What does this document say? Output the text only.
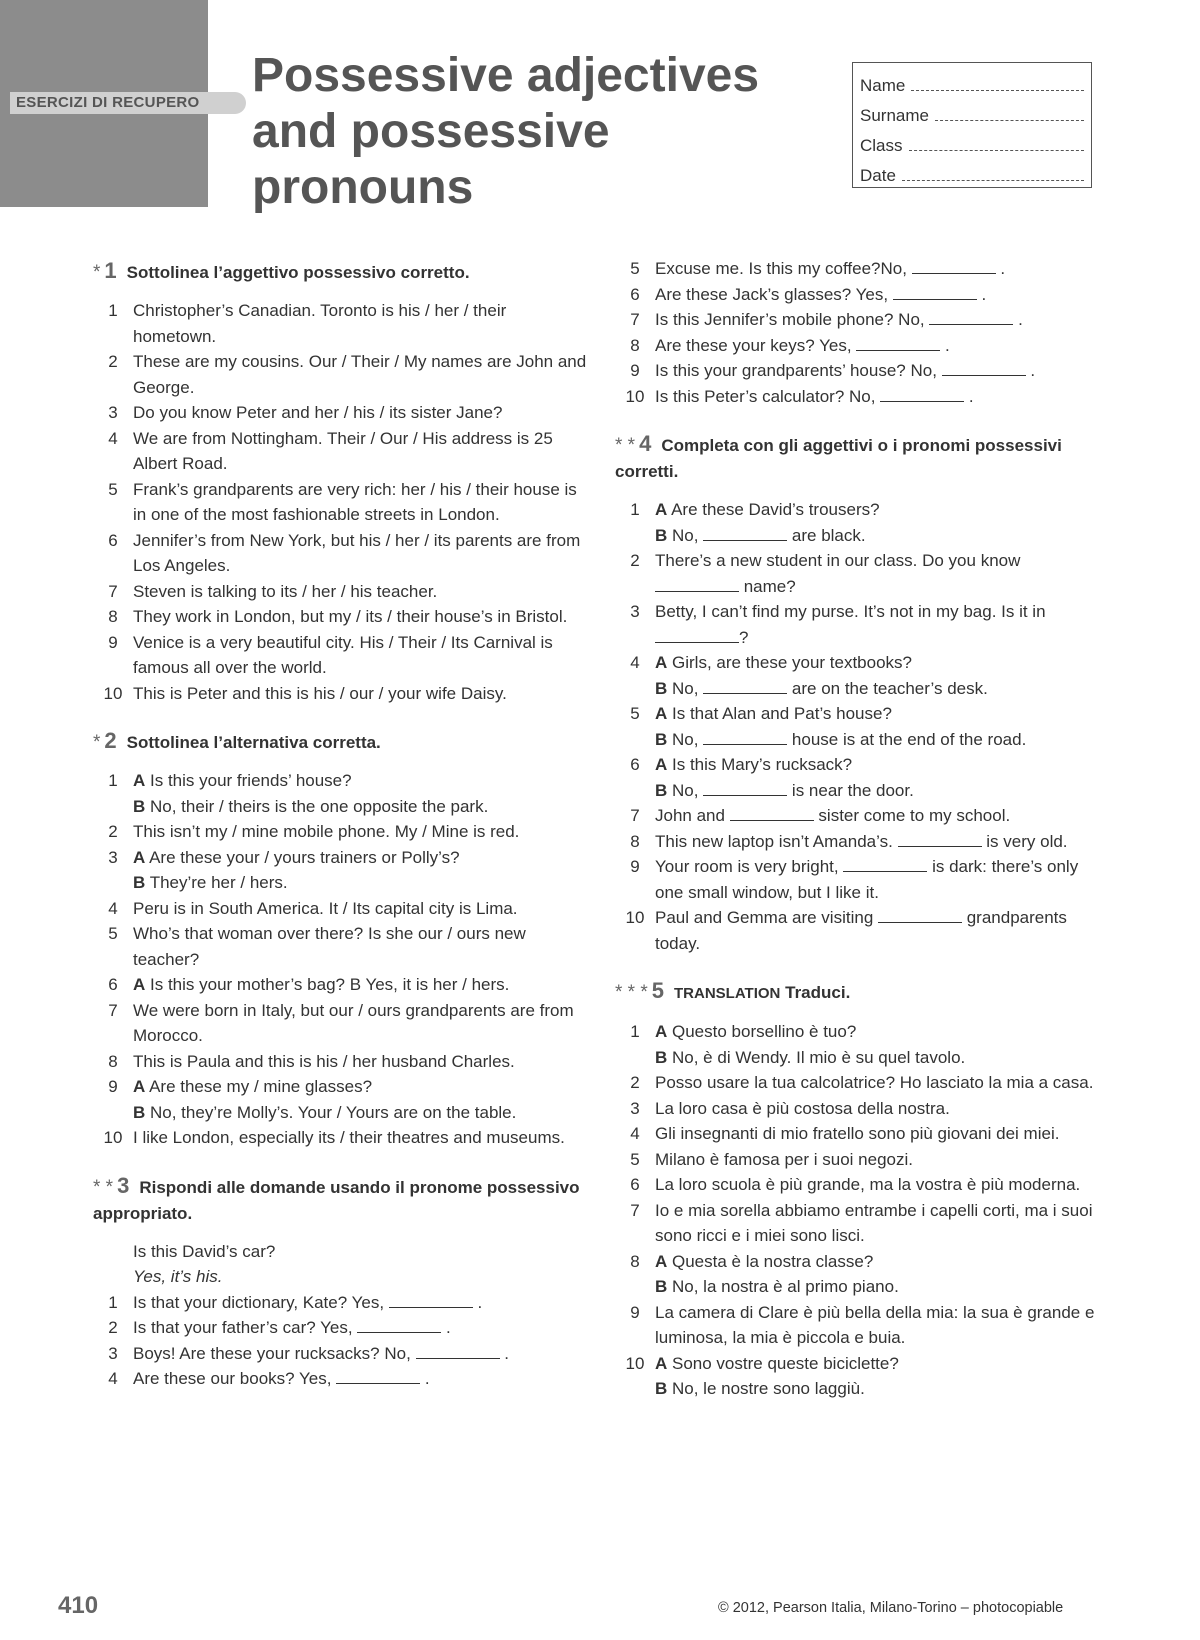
ESERCIZI DI RECUPERO
Possessive adjectives
and possessive
pronouns
Name
Surname
Class
Date
* 1 Sottolinea l’aggettivo possessivo corretto.
1 Christopher’s Canadian. Toronto is his / her / their hometown.
2 These are my cousins. Our / Their / My names are John and George.
3 Do you know Peter and her / his / its sister Jane?
4 We are from Nottingham. Their / Our / His address is 25 Albert Road.
5 Frank’s grandparents are very rich: her / his / their house is in one of the most fashionable streets in London.
6 Jennifer’s from New York, but his / her / its parents are from Los Angeles.
7 Steven is talking to its / her / his teacher.
8 They work in London, but my / its / their house’s in Bristol.
9 Venice is a very beautiful city. His / Their / Its Carnival is famous all over the world.
10 This is Peter and this is his / our / your wife Daisy.
* 2 Sottolinea l’alternativa corretta.
1 A Is this your friends’ house?
B No, their / theirs is the one opposite the park.
2 This isn’t my / mine mobile phone. My / Mine is red.
3 A Are these your / yours trainers or Polly’s?
B They’re her / hers.
4 Peru is in South America. It / Its capital city is Lima.
5 Who’s that woman over there? Is she our / ours new teacher?
6 A Is this your mother’s bag? B Yes, it is her / hers.
7 We were born in Italy, but our / ours grandparents are from Morocco.
8 This is Paula and this is his / her husband Charles.
9 A Are these my / mine glasses?
B No, they’re Molly’s. Your / Yours are on the table.
10 I like London, especially its / their theatres and museums.
* * 3 Rispondi alle domande usando il pronome possessivo appropriato.
Is this David’s car?
Yes, it’s his.
1 Is that your dictionary, Kate? Yes,	.
2 Is that your father’s car? Yes,	.
3 Boys! Are these your rucksacks? No,	.
4 Are these our books? Yes,	.
5 Excuse me. Is this my coffee?No,	.
6 Are these Jack’s glasses? Yes,	.
7 Is this Jennifer’s mobile phone? No,	.
8 Are these your keys? Yes,	.
9 Is this your grandparents’ house? No,	.
10 Is this Peter’s calculator? No,	.
* * 4 Completa con gli aggettivi o i pronomi possessivi corretti.
1 A Are these David’s trousers?
B No,	are black.
2 There’s a new student in our class. Do you know  name?
3 Betty, I can’t find my purse. It’s not in my bag. Is it in ?
4 A Girls, are these your textbooks?
B No,	are on the teacher’s desk.
5 A Is that Alan and Pat’s house?
B No,	house is at the end of the road.
6 A Is this Mary’s rucksack?
B No,	is near the door.
7 John and	sister come to my school.
8 This new laptop isn’t Amanda’s.	is very old.
9 Your room is very bright,	is dark: there’s only one small window, but I like it.
10 Paul and Gemma are visiting	grandparents today.
* * * 5 TRANSLATION Traduci.
1 A Questo borsellino è tuo?
B No, è di Wendy. Il mio è su quel tavolo.
2 Posso usare la tua calcolatrice? Ho lasciato la mia a casa.
3 La loro casa è più costosa della nostra.
4 Gli insegnanti di mio fratello sono più giovani dei miei.
5 Milano è famosa per i suoi negozi.
6 La loro scuola è più grande, ma la vostra è più moderna.
7 Io e mia sorella abbiamo entrambe i capelli corti, ma i suoi sono ricci e i miei sono lisci.
8 A Questa è la nostra classe?
B No, la nostra è al primo piano.
9 La camera di Clare è più bella della mia: la sua è grande e luminosa, la mia è piccola e buia.
10 A Sono vostre queste biciclette?
B No, le nostre sono laggiù.
410	© 2012, Pearson Italia, Milano-Torino – photocopiable
